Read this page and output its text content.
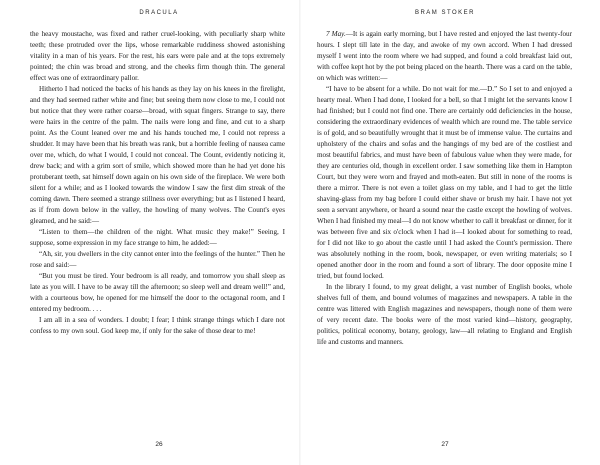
DRACULA

the heavy moustache, was fixed and rather cruel-looking, with peculiarly sharp white teeth; these protruded over the lips, whose remarkable ruddiness showed astonishing vitality in a man of his years. For the rest, his ears were pale and at the tops extremely pointed; the chin was broad and strong, and the cheeks firm though thin. The general effect was one of extraordinary pallor.

Hitherto I had noticed the backs of his hands as they lay on his knees in the firelight, and they had seemed rather white and fine; but seeing them now close to me, I could not but notice that they were rather coarse—broad, with squat fingers. Strange to say, there were hairs in the centre of the palm. The nails were long and fine, and cut to a sharp point. As the Count leaned over me and his hands touched me, I could not repress a shudder. It may have been that his breath was rank, but a horrible feeling of nausea came over me, which, do what I would, I could not conceal. The Count, evidently noticing it, drew back; and with a grim sort of smile, which showed more than he had yet done his protuberant teeth, sat himself down again on his own side of the fireplace. We were both silent for a while; and as I looked towards the window I saw the first dim streak of the coming dawn. There seemed a strange stillness over everything; but as I listened I heard, as if from down below in the valley, the howling of many wolves. The Count's eyes gleamed, and he said:—

“Listen to them—the children of the night. What music they make!” Seeing, I suppose, some expression in my face strange to him, he added:—

“Ah, sir, you dwellers in the city cannot enter into the feelings of the hunter.” Then he rose and said:—

“But you must be tired. Your bedroom is all ready, and tomorrow you shall sleep as late as you will. I have to be away till the afternoon; so sleep well and dream well!” and, with a courteous bow, he opened for me himself the door to the octagonal room, and I entered my bedroom. . . .

I am all in a sea of wonders. I doubt; I fear; I think strange things which I dare not confess to my own soul. God keep me, if only for the sake of those dear to me!

26
BRAM STOKER

7 May.—It is again early morning, but I have rested and enjoyed the last twenty-four hours. I slept till late in the day, and awoke of my own accord. When I had dressed myself I went into the room where we had supped, and found a cold breakfast laid out, with coffee kept hot by the pot being placed on the hearth. There was a card on the table, on which was written:—

“I have to be absent for a while. Do not wait for me.—D.” So I set to and enjoyed a hearty meal. When I had done, I looked for a bell, so that I might let the servants know I had finished; but I could not find one. There are certainly odd deficiencies in the house, considering the extraordinary evidences of wealth which are round me. The table service is of gold, and so beautifully wrought that it must be of immense value. The curtains and upholstery of the chairs and sofas and the hangings of my bed are of the costliest and most beautiful fabrics, and must have been of fabulous value when they were made, for they are centuries old, though in excellent order. I saw something like them in Hampton Court, but they were worn and frayed and moth-eaten. But still in none of the rooms is there a mirror. There is not even a toilet glass on my table, and I had to get the little shaving-glass from my bag before I could either shave or brush my hair. I have not yet seen a servant anywhere, or heard a sound near the castle except the howling of wolves. When I had finished my meal—I do not know whether to call it breakfast or dinner, for it was between five and six o'clock when I had it—I looked about for something to read, for I did not like to go about the castle until I had asked the Count's permission. There was absolutely nothing in the room, book, newspaper, or even writing materials; so I opened another door in the room and found a sort of library. The door opposite mine I tried, but found locked.

In the library I found, to my great delight, a vast number of English books, whole shelves full of them, and bound volumes of magazines and newspapers. A table in the centre was littered with English magazines and newspapers, though none of them were of very recent date. The books were of the most varied kind—history, geography, politics, political economy, botany, geology, law—all relating to England and English life and customs and manners.

27
